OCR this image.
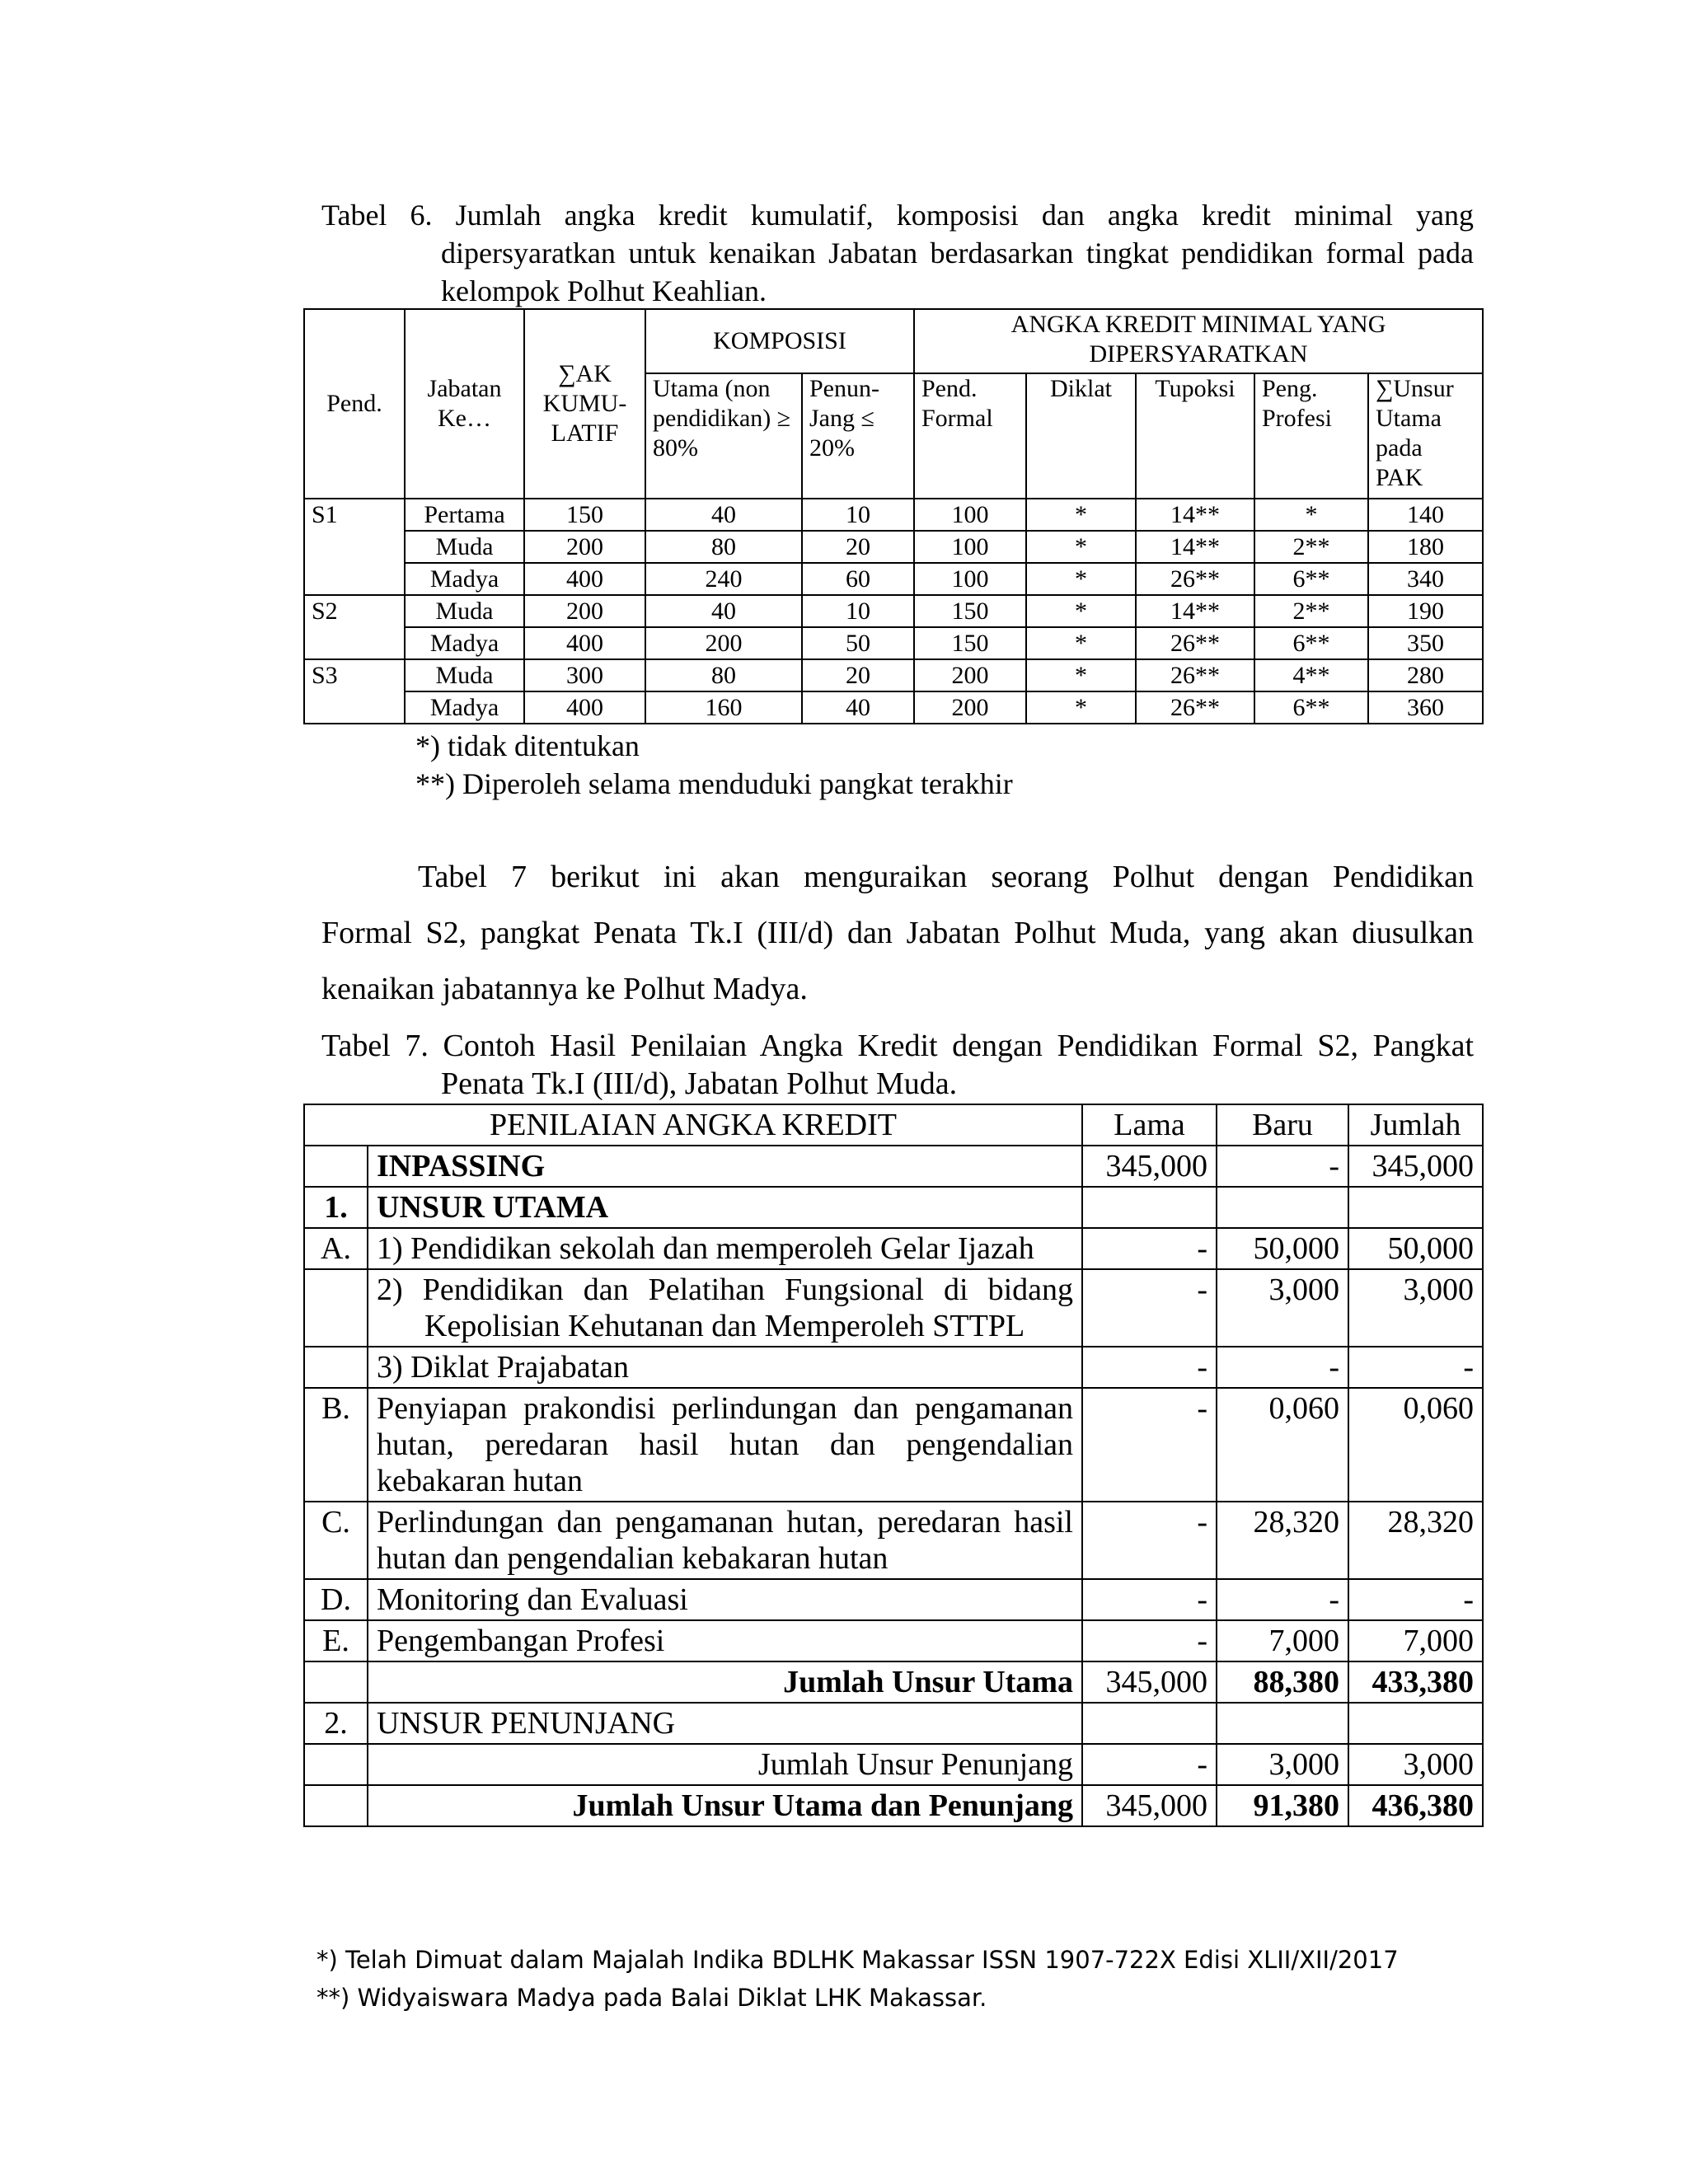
Tabel 6. Jumlah angka kredit kumulatif, komposisi dan angka kredit minimal yang
dipersyaratkan untuk kenaikan Jabatan berdasarkan tingkat pendidikan formal pada kelompok Polhut Keahlian.
Pend.	Jabatan Ke…	∑AK KUMU-LATIF	KOMPOSISI		ANGKA KREDIT MINIMAL YANG DIPERSYARATKAN				
			Utama (non pendidikan) ≥ 80%	Penun-Jang ≤ 20%	Pend. Formal	Diklat	Tupoksi	Peng. Profesi	∑Unsur Utama pada PAK
S1	Pertama	150	40	10	100	*	14**	*	140
	Muda	200	80	20	100	*	14**	2**	180
	Madya	400	240	60	100	*	26**	6**	340
S2	Muda	200	40	10	150	*	14**	2**	190
	Madya	400	200	50	150	*	26**	6**	350
S3	Muda	300	80	20	200	*	26**	4**	280
	Madya	400	160	40	200	*	26**	6**	360
*) tidak ditentukan
**) Diperoleh selama menduduki pangkat terakhir
Tabel 7 berikut ini akan menguraikan seorang Polhut dengan Pendidikan
Formal S2, pangkat Penata Tk.I (III/d) dan Jabatan Polhut Muda, yang akan diusulkan
kenaikan jabatannya ke Polhut Madya.
Tabel 7. Contoh Hasil Penilaian Angka Kredit dengan Pendidikan Formal S2, Pangkat
Penata Tk.I (III/d), Jabatan Polhut Muda.
PENILAIAN ANGKA KREDIT		Lama	Baru	Jumlah
	INPASSING	345,000	-	345,000
1.	UNSUR UTAMA			
A.	1) Pendidikan sekolah dan memperoleh Gelar Ijazah	-	50,000	50,000

	2) Pendidikan dan Pelatihan Fungsional di bidang Kepolisian Kehutanan dan Memperoleh STTPL	-	3,000	3,000

	3) Diklat Prajabatan	-	-	-
B.	Penyiapan prakondisi perlindungan dan pengamanan hutan, peredaran hasil hutan dan pengendalian kebakaran hutan	-	0,060	0,060
C.	Perlindungan dan pengamanan hutan, peredaran hasil hutan dan pengendalian kebakaran hutan	-	28,320	28,320
D.	Monitoring dan Evaluasi	-	-	-
E.	Pengembangan Profesi	-	7,000	7,000
	Jumlah Unsur Utama	345,000	88,380	433,380
2.	UNSUR PENUNJANG			
	Jumlah Unsur Penunjang	-	3,000	3,000
	Jumlah Unsur Utama dan Penunjang	345,000	91,380	436,380
*) Telah Dimuat dalam Majalah Indika BDLHK Makassar ISSN 1907-722X Edisi XLII/XII/2017
**) Widyaiswara Madya pada Balai Diklat LHK Makassar.
